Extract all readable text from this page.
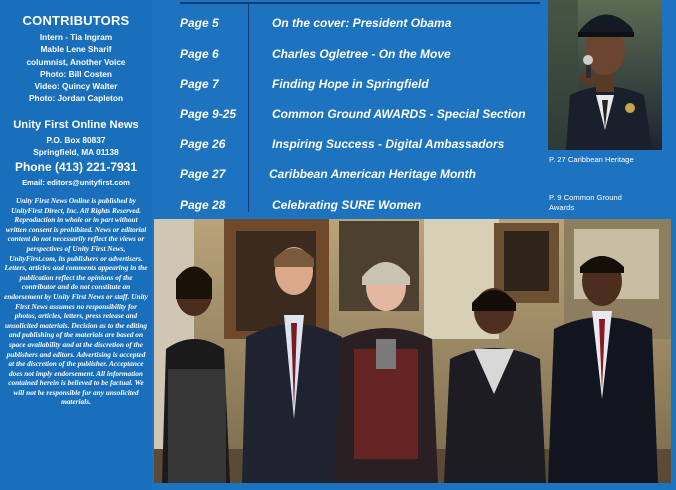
CONTRIBUTORS
Intern - Tia Ingram
Mable Lene Sharif
columnist, Another Voice
Photo: Bill Costen
Video: Quincy Walter
Photo: Jordan Capleton
Unity First Online News
P.O. Box 80837
Springfield, MA 01138
Phone (413) 221-7931
Email: editors@unityfirst.com
Unity First News Online is published by UnityFirst Direct, Inc. All Rights Reserved. Reproduction in whole or in part without written consent is prohibited. News or editorial content do not necessarily reflect the views or perspectives of Unity First News, UnityFirst.com, its publishers or advertisers. Letters, articles and comments appearing in the publication reflect the opinions of the contributor and do not constitute an endorsement by Unity First News or staff. Unity First News assumes no responsibility for photos, articles, letters, press release and unsolicited materials. Decision as to the editing and publishing of the materials are based on space availability and at the discretion of the publishers and editors. Advertising is accepted at the discretion of the publisher. Acceptance does not imply endorsement. All information contained herein is believed to be factual. We will not be responsible for any unsolicited materials.
Page 5	On the cover: President Obama
Page 6	Charles Ogletree - On the Move
Page 7	Finding Hope in Springfield
Page 9-25	Common Ground AWARDS - Special Section
Page 26	Inspiring Success - Digital Ambassadors
Page 27	Caribbean American Heritage Month
Page 28	Celebrating SURE Women
P. 27 Caribbean Heritage
P. 9 Common Ground
Awards
